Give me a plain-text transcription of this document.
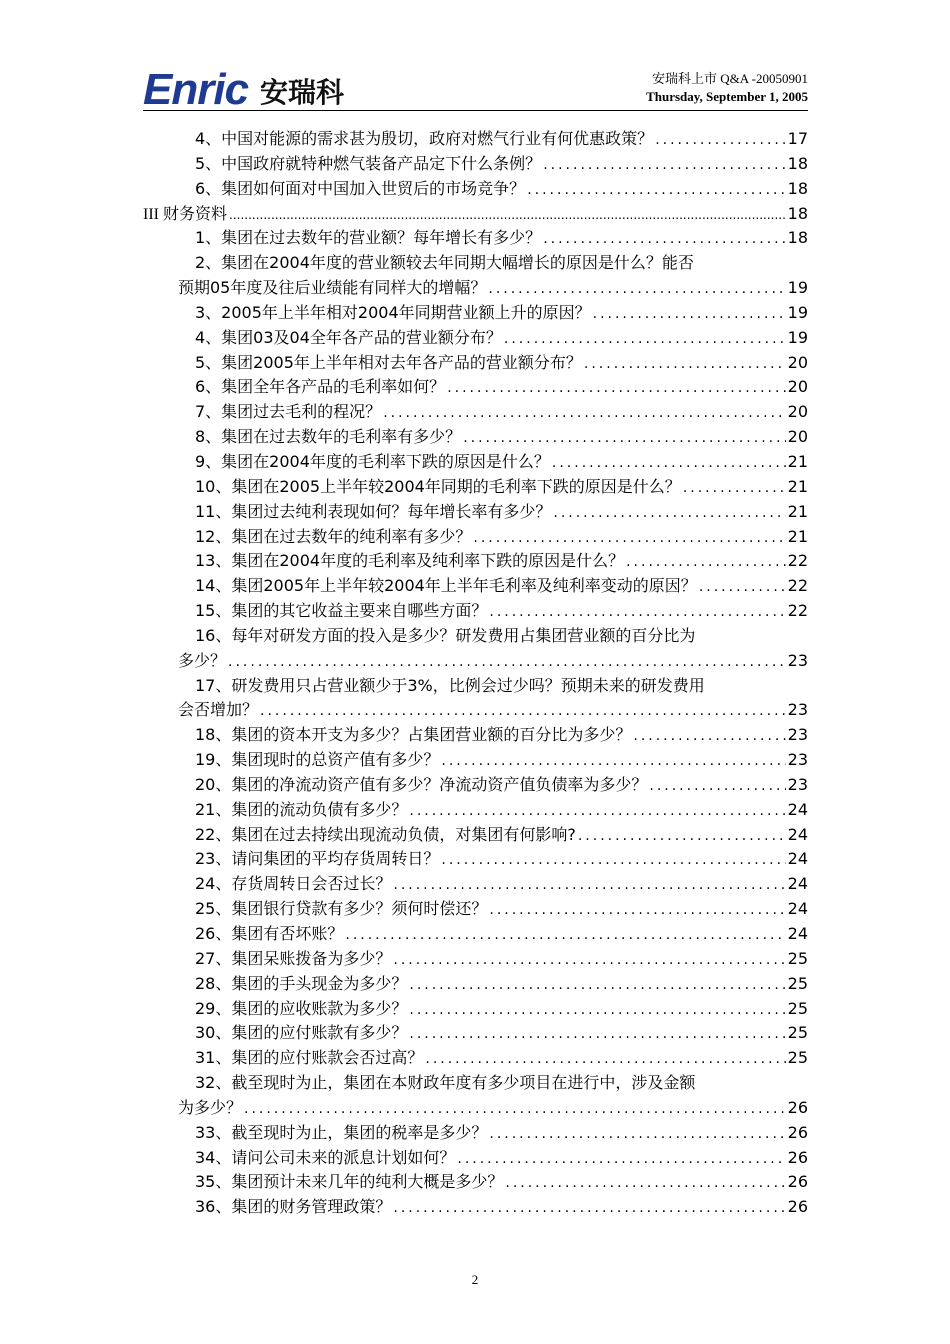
Enric 安瑞科	安瑞科上市 Q&A -20050901
Thursday, September 1, 2005
4、中国对能源的需求甚为殷切，政府对燃气行业有何优惠政策？ .....	17
5、中国政府就特种燃气装备产品定下什么条例？ .....	18
6、集团如何面对中国加入世贸后的市场竞争？ .....	18
III 财务资料 .....	18
1、集团在过去数年的营业额？每年增长有多少？ .....	18
2、集团在2004年度的营业额较去年同期大幅增长的原因是什么？能否
预期05年度及往后业绩能有同样大的增幅？ .....	19
3、2005年上半年相对2004年同期营业额上升的原因？ .....	19
4、集团03及04全年各产品的营业额分布？ .....	19
5、集团2005年上半年相对去年各产品的营业额分布？ .....	20
6、集团全年各产品的毛利率如何？ .....	20
7、集团过去毛利的程况？ .....	20
8、集团在过去数年的毛利率有多少？ .....	20
9、集团在2004年度的毛利率下跌的原因是什么？ .....	21
10、集团在2005上半年较2004年同期的毛利率下跌的原因是什么？ .....	21
11、集团过去纯利表现如何？每年增长率有多少？ .....	21
12、集团在过去数年的纯利率有多少？ .....	21
13、集团在2004年度的毛利率及纯利率下跌的原因是什么？ .....	22
14、集团2005年上半年较2004年上半年毛利率及纯利率变动的原因？ .....	22
15、集团的其它收益主要来自哪些方面？ .....	22
16、每年对研发方面的投入是多少？研发费用占集团营业额的百分比为
多少？ .....	23
17、研发费用只占营业额少于3%，比例会过少吗？预期未来的研发费用
会否增加？ .....	23
18、集团的资本开支为多少？占集团营业额的百分比为多少？ .....	23
19、集团现时的总资产值有多少？ .....	23
20、集团的净流动资产值有多少？净流动资产值负债率为多少？ .....	23
21、集团的流动负债有多少？ .....	24
22、集团在过去持续出现流动负债，对集团有何影响? .....	24
23、请问集团的平均存货周转日？ .....	24
24、存货周转日会否过长？ .....	24
25、集团银行贷款有多少？须何时偿还？ .....	24
26、集团有否坏账？ .....	24
27、集团呆账拨备为多少？ .....	25
28、集团的手头现金为多少？ .....	25
29、集团的应收账款为多少？ .....	25
30、集团的应付账款有多少？ .....	25
31、集团的应付账款会否过高？ .....	25
32、截至现时为止，集团在本财政年度有多少项目在进行中，涉及金额
为多少？ .....	26
33、截至现时为止，集团的税率是多少？ .....	26
34、请问公司未来的派息计划如何？ .....	26
35、集团预计未来几年的纯利大概是多少？ .....	26
36、集团的财务管理政策？ .....	26
2
